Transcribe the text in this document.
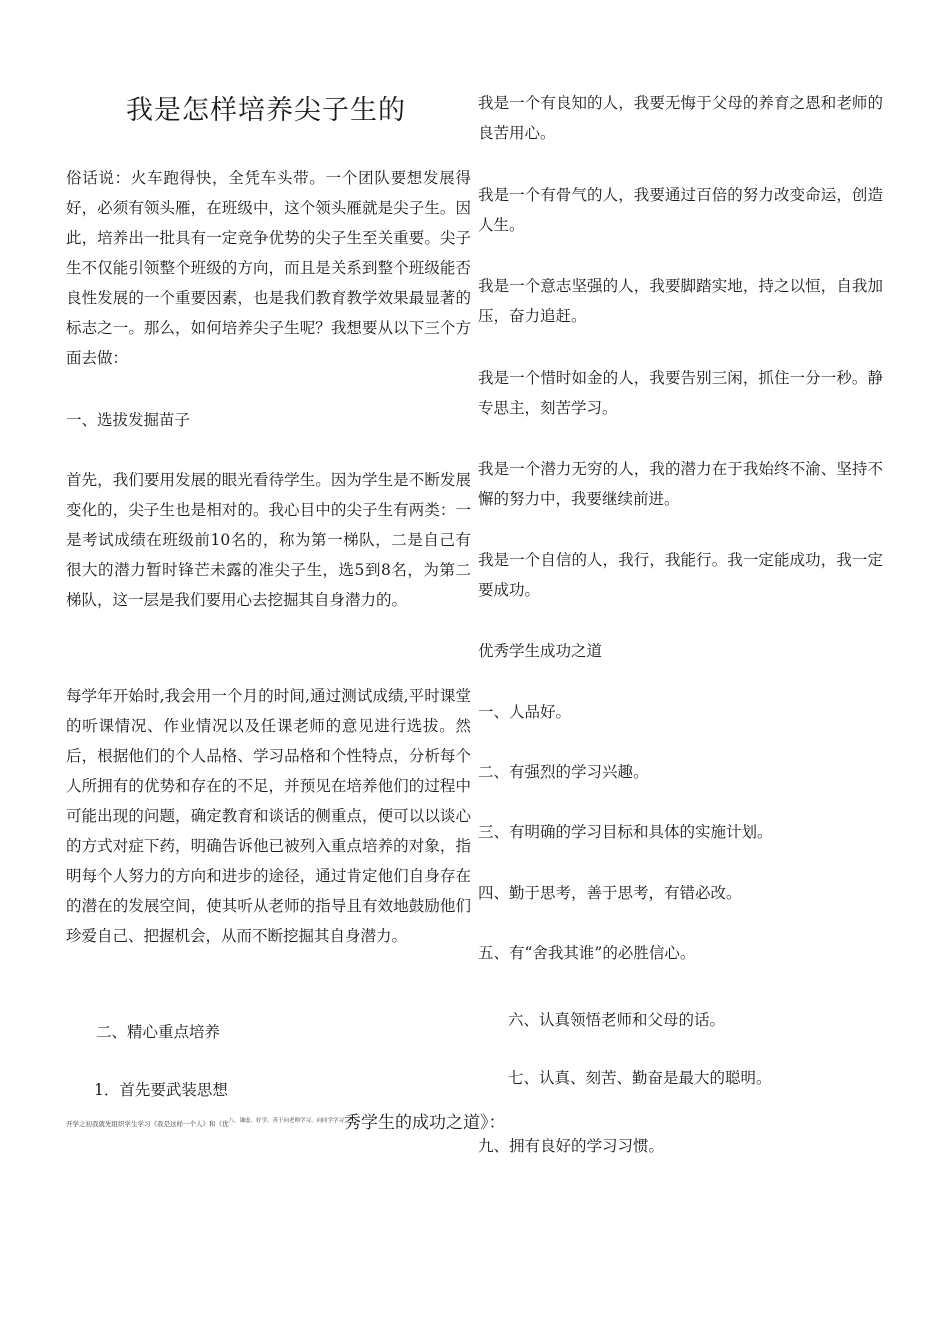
我是怎样培养尖子生的

俗话说：火车跑得快，全凭车头带。一个团队要想发展得好，必须有领头雁，在班级中，这个领头雁就是尖子生。因此，培养出一批具有一定竞争优势的尖子生至关重要。尖子生不仅能引领整个班级的方向，而且是关系到整个班级能否良性发展的一个重要因素，也是我们教育教学效果最显著的标志之一。那么，如何培养尖子生呢？我想要从以下三个方面去做：

一、选拔发掘苗子

首先，我们要用发展的眼光看待学生。因为学生是不断发展变化的，尖子生也是相对的。我心目中的尖子生有两类：一是考试成绩在班级前10名的，称为第一梯队，二是自己有很大的潜力暂时锋芒未露的准尖子生，选5到8名，为第二梯队，这一层是我们要用心去挖掘其自身潜力的。

每学年开始时,我会用一个月的时间,通过测试成绩,平时课堂的听课情况、作业情况以及任课老师的意见进行选拔。然后，根据他们的个人品格、学习品格和个性特点，分析每个人所拥有的优势和存在的不足，并预见在培养他们的过程中可能出现的问题，确定教育和谈话的侧重点，便可以以谈心的方式对症下药，明确告诉他已被列入重点培养的对象，指明每个人努力的方向和进步的途径，通过肯定他们自身存在的潜在的发展空间，使其听从老师的指导且有效地鼓励他们珍爱自己、把握机会，从而不断挖掘其自身潜力。

二、精心重点培养

1．首先要武装思想

开学之初我就先组织学生学习《我是这样一个人》和《优$^{八、谦虚、好学、善于向老师学习、向同学学习}$秀学生的成功之道》：

我是一个有良知的人，我要无悔于父母的养育之恩和老师的良苦用心。

我是一个有骨气的人，我要通过百倍的努力改变命运，创造人生。

我是一个意志坚强的人，我要脚踏实地，持之以恒，自我加压，奋力追赶。

我是一个惜时如金的人，我要告别三闲，抓住一分一秒。静专思主，刻苦学习。

我是一个潜力无穷的人，我的潜力在于我始终不渝、坚持不懈的努力中，我要继续前进。

我是一个自信的人，我行，我能行。我一定能成功，我一定要成功。

优秀学生成功之道

一、人品好。

二、有强烈的学习兴趣。

三、有明确的学习目标和具体的实施计划。

四、勤于思考，善于思考，有错必改。

五、有“舍我其谁”的必胜信心。

六、认真领悟老师和父母的话。

七、认真、刻苦、勤奋是最大的聪明。

九、拥有良好的学习习惯。
